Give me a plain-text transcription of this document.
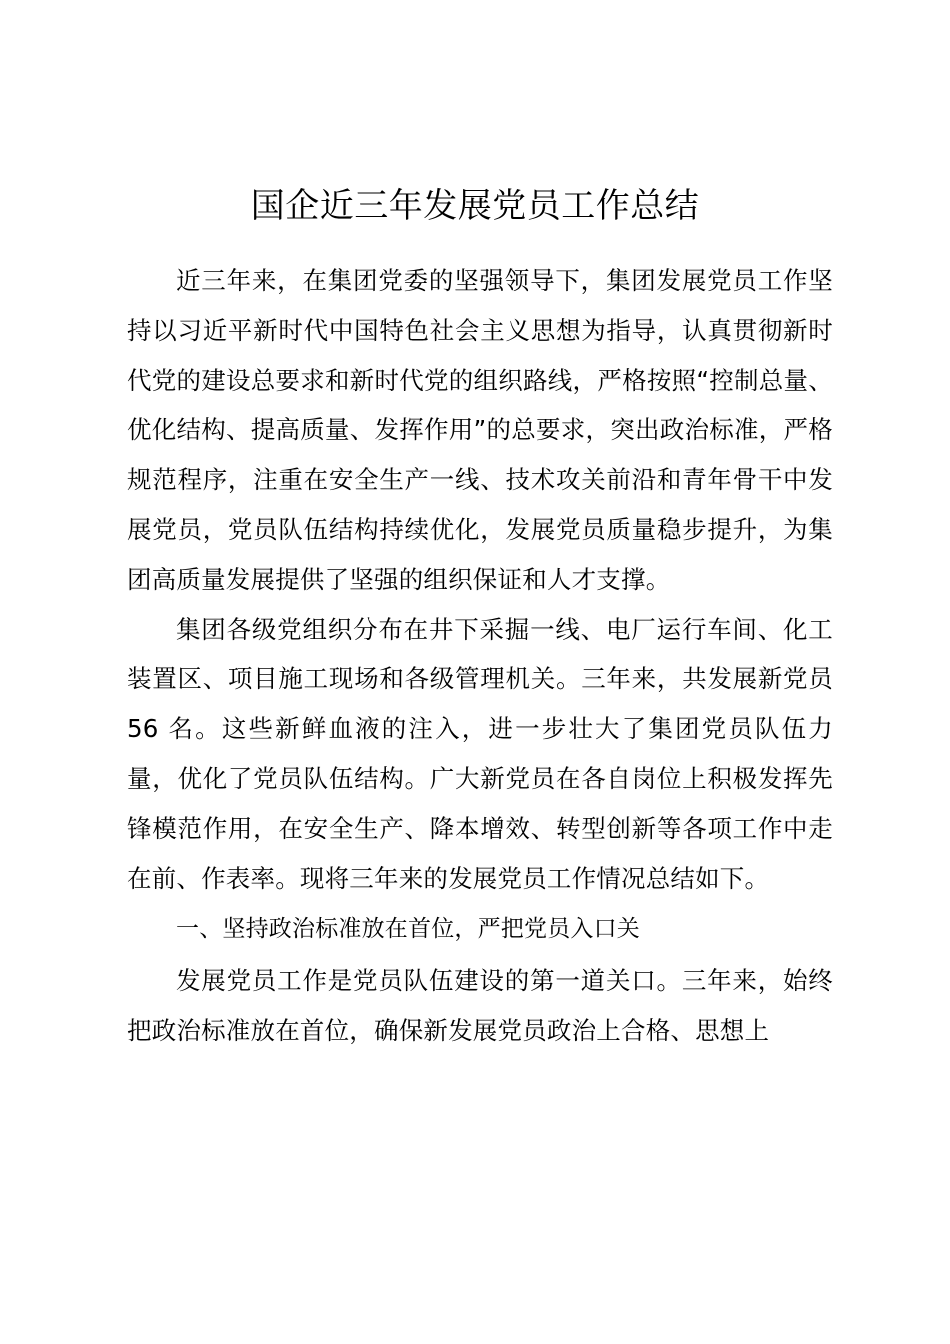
国企近三年发展党员工作总结

近三年来，在集团党委的坚强领导下，集团发展党员工作坚持以习近平新时代中国特色社会主义思想为指导，认真贯彻新时代党的建设总要求和新时代党的组织路线，严格按照“控制总量、优化结构、提高质量、发挥作用”的总要求，突出政治标准，严格规范程序，注重在安全生产一线、技术攻关前沿和青年骨干中发展党员，党员队伍结构持续优化，发展党员质量稳步提升，为集团高质量发展提供了坚强的组织保证和人才支撑。

集团各级党组织分布在井下采掘一线、电厂运行车间、化工装置区、项目施工现场和各级管理机关。三年来，共发展新党员 56 名。这些新鲜血液的注入，进一步壮大了集团党员队伍力量，优化了党员队伍结构。广大新党员在各自岗位上积极发挥先锋模范作用，在安全生产、降本增效、转型创新等各项工作中走在前、作表率。现将三年来的发展党员工作情况总结如下。

一、坚持政治标准放在首位，严把党员入口关

发展党员工作是党员队伍建设的第一道关口。三年来，始终把政治标准放在首位，确保新发展党员政治上合格、思想上
